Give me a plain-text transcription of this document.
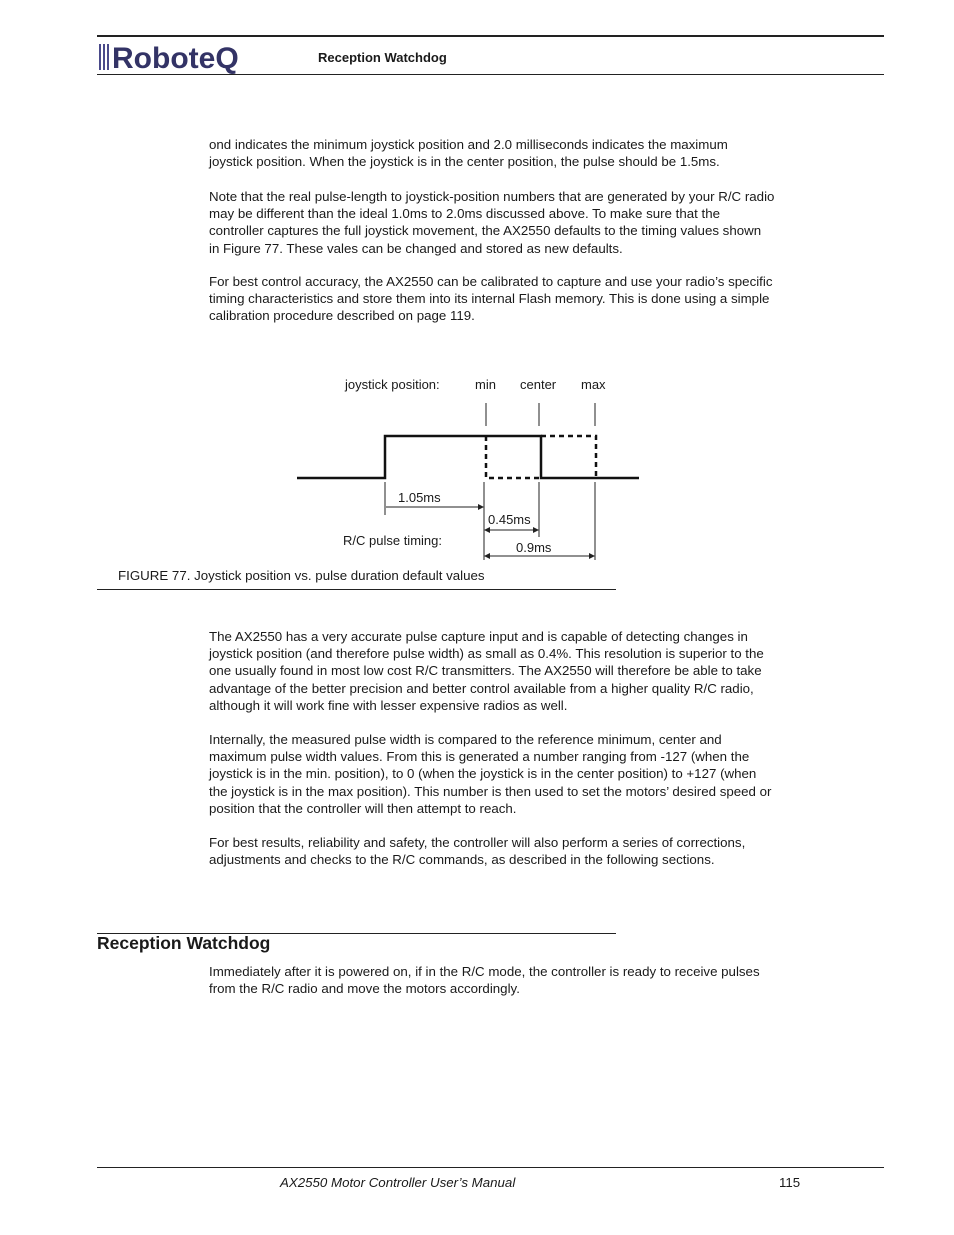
RoboteQ	Reception Watchdog

ond indicates the minimum joystick position and 2.0 milliseconds indicates the maximum joystick position. When the joystick is in the center position, the pulse should be 1.5ms.

Note that the real pulse-length to joystick-position numbers that are generated by your R/C radio may be different than the ideal 1.0ms to 2.0ms discussed above. To make sure that the controller captures the full joystick movement, the AX2550 defaults to the timing values shown in Figure 77. These vales can be changed and stored as new defaults.

For best control accuracy, the AX2550 can be calibrated to capture and use your radio’s specific timing characteristics and store them into its internal Flash memory. This is done using a simple calibration procedure described on page 119.

joystick position:	min center max
1.05ms
0.45ms
R/C pulse timing:	0.9ms
FIGURE 77. Joystick position vs. pulse duration default values

The AX2550 has a very accurate pulse capture input and is capable of detecting changes in joystick position (and therefore pulse width) as small as 0.4%. This resolution is superior to the one usually found in most low cost R/C transmitters. The AX2550 will therefore be able to take advantage of the better precision and better control available from a higher quality R/C radio, although it will work fine with lesser expensive radios as well.

Internally, the measured pulse width is compared to the reference minimum, center and maximum pulse width values. From this is generated a number ranging from -127 (when the joystick is in the min. position), to 0 (when the joystick is in the center position) to +127 (when the joystick is in the max position). This number is then used to set the motors’ desired speed or position that the controller will then attempt to reach.

For best results, reliability and safety, the controller will also perform a series of corrections, adjustments and checks to the R/C commands, as described in the following sections.

Reception Watchdog

Immediately after it is powered on, if in the R/C mode, the controller is ready to receive pulses from the R/C radio and move the motors accordingly.

AX2550 Motor Controller User’s Manual	115
